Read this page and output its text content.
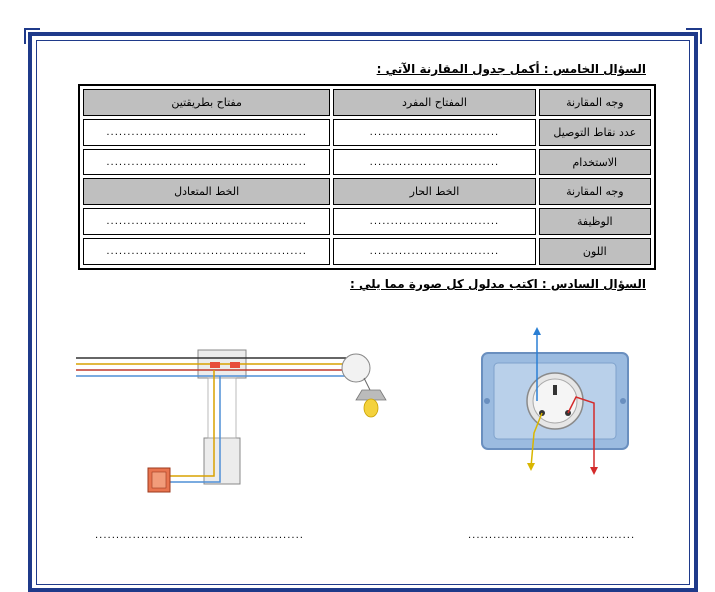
السؤال الخامس : أكمل جدول المقارنة الآتي :
وجه المقارنة	المفتاح المفرد	مفتاح بطريقتين
عدد نقاط التوصيل	...............................	................................................
الاستخدام	...............................	................................................
وجه المقارنة	الخط الحار	الخط المتعادل
الوظيفة	...............................	................................................
اللون	...............................	................................................
السؤال السادس : اكتب مدلول كل صورة مما يلي :
..................................................	........................................
